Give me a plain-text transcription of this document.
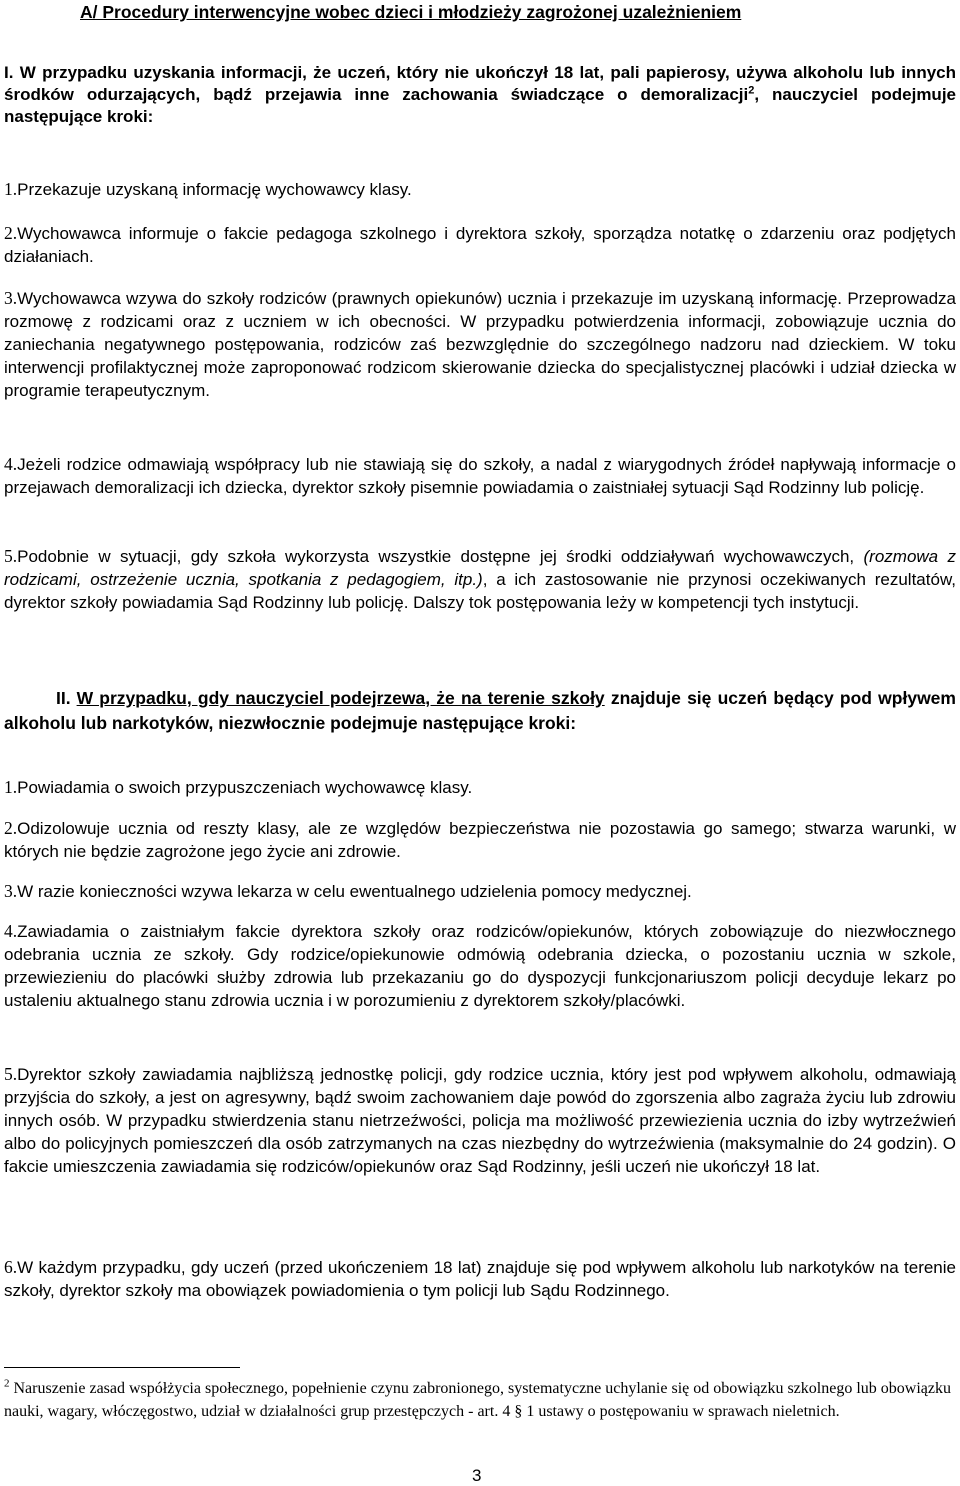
A/ Procedury interwencyjne wobec dzieci i młodzieży zagrożonej uzależnieniem
I. W przypadku uzyskania informacji, że uczeń, który nie ukończył 18 lat, pali papierosy, używa alkoholu lub innych środków odurzających, bądź przejawia inne zachowania świadczące o demoralizacji$^2$, nauczyciel podejmuje następujące kroki:
1.Przekazuje uzyskaną informację wychowawcy klasy.
2.Wychowawca informuje o fakcie pedagoga szkolnego i dyrektora szkoły, sporządza notatkę o zdarzeniu oraz podjętych działaniach.
3.Wychowawca wzywa do szkoły rodziców (prawnych opiekunów) ucznia i przekazuje im uzyskaną informację. Przeprowadza rozmowę z rodzicami oraz z uczniem w ich obecności. W przypadku potwierdzenia informacji, zobowiązuje ucznia do zaniechania negatywnego postępowania, rodziców zaś bezwzględnie do szczególnego nadzoru nad dzieckiem. W toku interwencji profilaktycznej może zaproponować rodzicom skierowanie dziecka do specjalistycznej placówki i udział dziecka w programie terapeutycznym.
4.Jeżeli rodzice odmawiają współpracy lub nie stawiają się do szkoły, a nadal z wiarygodnych źródeł napływają informacje o przejawach demoralizacji ich dziecka, dyrektor szkoły pisemnie powiadamia o zaistniałej sytuacji Sąd Rodzinny lub policję.
5.Podobnie w sytuacji, gdy szkoła wykorzysta wszystkie dostępne jej środki oddziaływań wychowawczych, (rozmowa z rodzicami, ostrzeżenie ucznia, spotkania z pedagogiem, itp.), a ich zastosowanie nie przynosi oczekiwanych rezultatów, dyrektor szkoły powiadamia Sąd Rodzinny lub policję. Dalszy tok postępowania leży w kompetencji tych instytucji.
II. W przypadku, gdy nauczyciel podejrzewa, że na terenie szkoły znajduje się uczeń będący pod wpływem alkoholu lub narkotyków, niezwłocznie podejmuje następujące kroki:
1.Powiadamia o swoich przypuszczeniach wychowawcę klasy.
2.Odizolowuje ucznia od reszty klasy, ale ze względów bezpieczeństwa nie pozostawia go samego; stwarza warunki, w których nie będzie zagrożone jego życie ani zdrowie.
3.W razie konieczności wzywa lekarza w celu ewentualnego udzielenia pomocy medycznej.
4.Zawiadamia o zaistniałym fakcie dyrektora szkoły oraz rodziców/opiekunów, których zobowiązuje do niezwłocznego odebrania ucznia ze szkoły. Gdy rodzice/opiekunowie odmówią odebrania dziecka, o pozostaniu ucznia w szkole, przewiezieniu do placówki służby zdrowia lub przekazaniu go do dyspozycji funkcjonariuszom policji decyduje lekarz po ustaleniu aktualnego stanu zdrowia ucznia i w porozumieniu z dyrektorem szkoły/placówki.
5.Dyrektor szkoły zawiadamia najbliższą jednostkę policji, gdy rodzice ucznia, który jest pod wpływem alkoholu, odmawiają przyjścia do szkoły, a jest on agresywny, bądź swoim zachowaniem daje powód do zgorszenia albo zagraża życiu lub zdrowiu innych osób. W przypadku stwierdzenia stanu nietrzeźwości, policja ma możliwość przewiezienia ucznia do izby wytrzeźwień albo do policyjnych pomieszczeń dla osób zatrzymanych na czas niezbędny do wytrzeźwienia (maksymalnie do 24 godzin). O fakcie umieszczenia zawiadamia się rodziców/opiekunów oraz Sąd Rodzinny, jeśli uczeń nie ukończył 18 lat.
6.W każdym przypadku, gdy uczeń (przed ukończeniem 18 lat) znajduje się pod wpływem alkoholu lub narkotyków na terenie szkoły, dyrektor szkoły ma obowiązek powiadomienia o tym policji lub Sądu Rodzinnego.
$^2$ Naruszenie zasad współżycia społecznego, popełnienie czynu zabronionego, systematyczne uchylanie się od obowiązku szkolnego lub obowiązku nauki, wagary, włóczęgostwo, udział w działalności grup przestępczych - art. 4 § 1 ustawy o postępowaniu w sprawach nieletnich.
3
